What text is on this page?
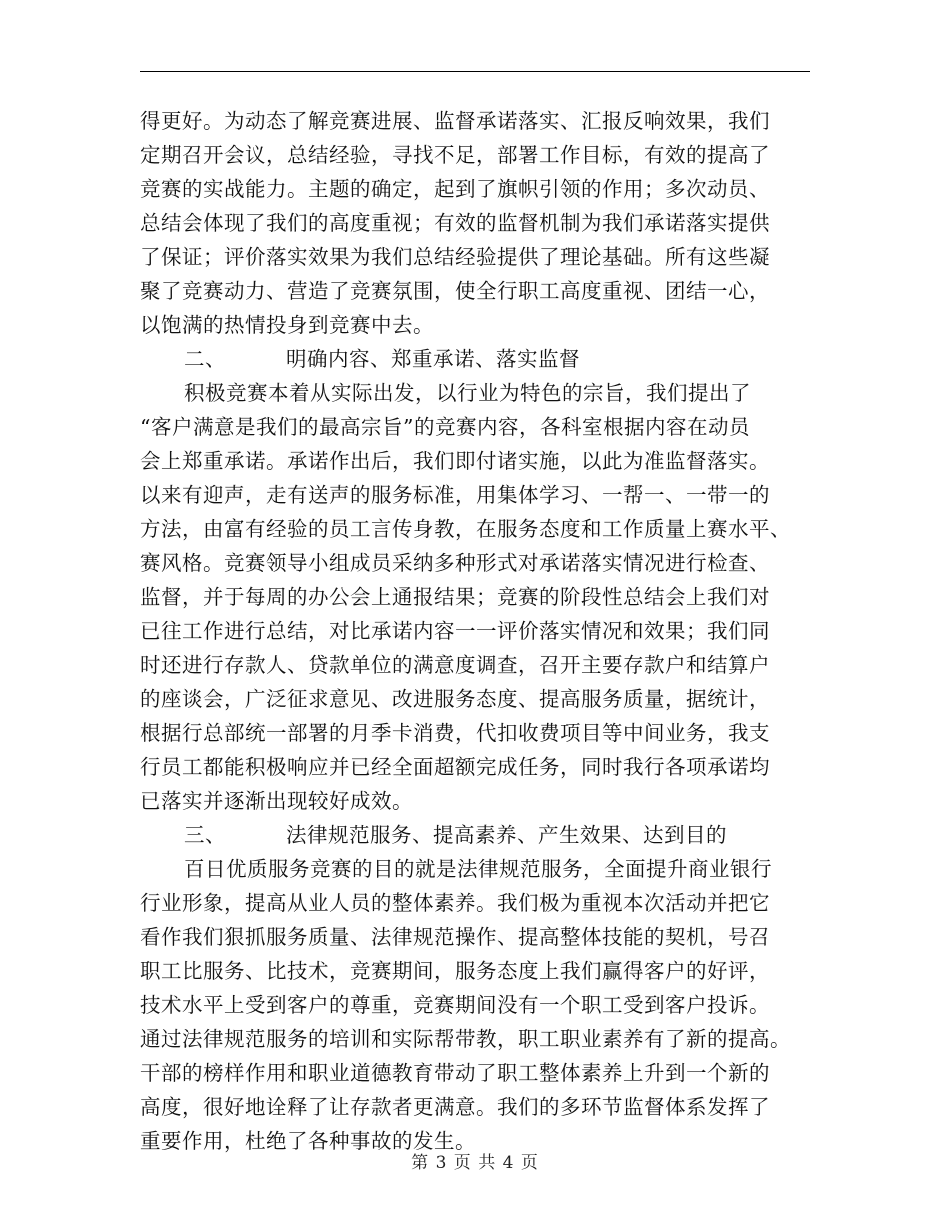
得更好。为动态了解竞赛进展、监督承诺落实、汇报反响效果，我们
定期召开会议，总结经验，寻找不足，部署工作目标，有效的提高了
竞赛的实战能力。主题的确定，起到了旗帜引领的作用；多次动员、
总结会体现了我们的高度重视；有效的监督机制为我们承诺落实提供
了保证；评价落实效果为我们总结经验提供了理论基础。所有这些凝
聚了竞赛动力、营造了竞赛氛围，使全行职工高度重视、团结一心，
以饱满的热情投身到竞赛中去。
二、	明确内容、郑重承诺、落实监督
积极竞赛本着从实际出发，以行业为特色的宗旨，我们提出了
“客户满意是我们的最高宗旨”的竞赛内容，各科室根据内容在动员
会上郑重承诺。承诺作出后，我们即付诸实施，以此为准监督落实。
以来有迎声，走有送声的服务标准，用集体学习、一帮一、一带一的
方法，由富有经验的员工言传身教，在服务态度和工作质量上赛水平、
赛风格。竞赛领导小组成员采纳多种形式对承诺落实情况进行检查、
监督，并于每周的办公会上通报结果；竞赛的阶段性总结会上我们对
已往工作进行总结，对比承诺内容一一评价落实情况和效果；我们同
时还进行存款人、贷款单位的满意度调查，召开主要存款户和结算户
的座谈会，广泛征求意见、改进服务态度、提高服务质量，据统计，
根据行总部统一部署的月季卡消费，代扣收费项目等中间业务，我支
行员工都能积极响应并已经全面超额完成任务，同时我行各项承诺均
已落实并逐渐出现较好成效。
三、	法律规范服务、提高素养、产生效果、达到目的
百日优质服务竞赛的目的就是法律规范服务，全面提升商业银行
行业形象，提高从业人员的整体素养。我们极为重视本次活动并把它
看作我们狠抓服务质量、法律规范操作、提高整体技能的契机，号召
职工比服务、比技术，竞赛期间，服务态度上我们赢得客户的好评，
技术水平上受到客户的尊重，竞赛期间没有一个职工受到客户投诉。
通过法律规范服务的培训和实际帮带教，职工职业素养有了新的提高。
干部的榜样作用和职业道德教育带动了职工整体素养上升到一个新的
高度，很好地诠释了让存款者更满意。我们的多环节监督体系发挥了
重要作用，杜绝了各种事故的发生。
第 3 页 共 4 页
